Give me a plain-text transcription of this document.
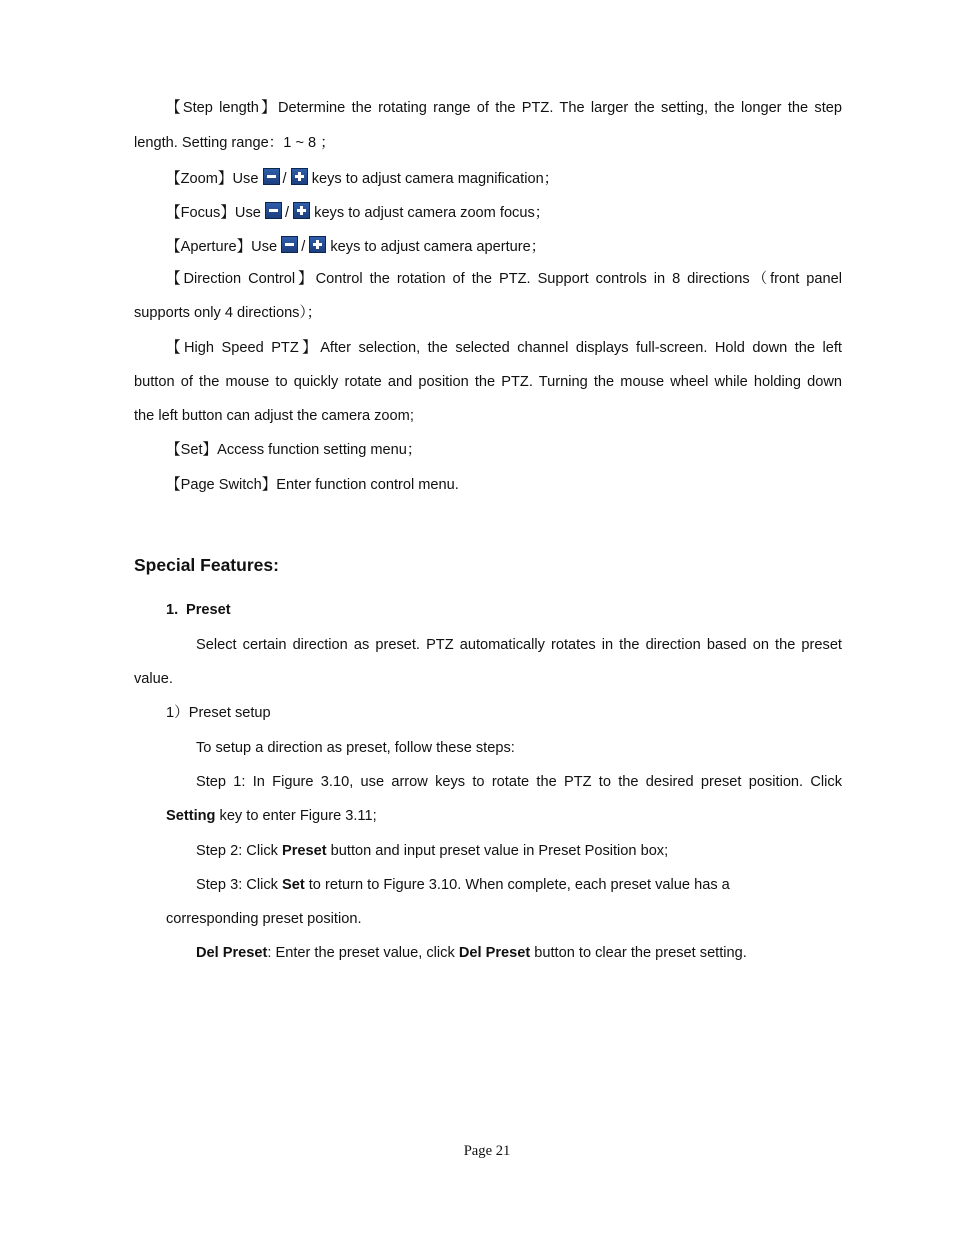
【Step length】Determine the rotating range of the PTZ. The larger the setting, the longer the step
length. Setting range：1 ~ 8 ；
【Zoom】Use / keys to adjust camera magnification；
【Focus】Use / keys to adjust camera zoom focus；
【Aperture】Use / keys to adjust camera aperture；
【Direction Control】Control the rotation of the PTZ. Support controls in 8 directions（front panel
supports only 4 directions）；
【High Speed PTZ】After selection, the selected channel displays full-screen. Hold down the left
button of the mouse to quickly rotate and position the PTZ. Turning the mouse wheel while holding down
the left button can adjust the camera zoom;
【Set】Access function setting menu；
【Page Switch】Enter function control menu.
Special Features:
1. Preset
Select certain direction as preset. PTZ automatically rotates in the direction based on the preset
value.
1）Preset setup
To setup a direction as preset, follow these steps:
Step 1: In Figure 3.10, use arrow keys to rotate the PTZ to the desired preset position. Click
Setting key to enter Figure 3.11;
Step 2: Click Preset button and input preset value in Preset Position box;
Step 3: Click Set to return to Figure 3.10. When complete, each preset value has a
corresponding preset position.
Del Preset: Enter the preset value, click Del Preset button to clear the preset setting.
Page 21
